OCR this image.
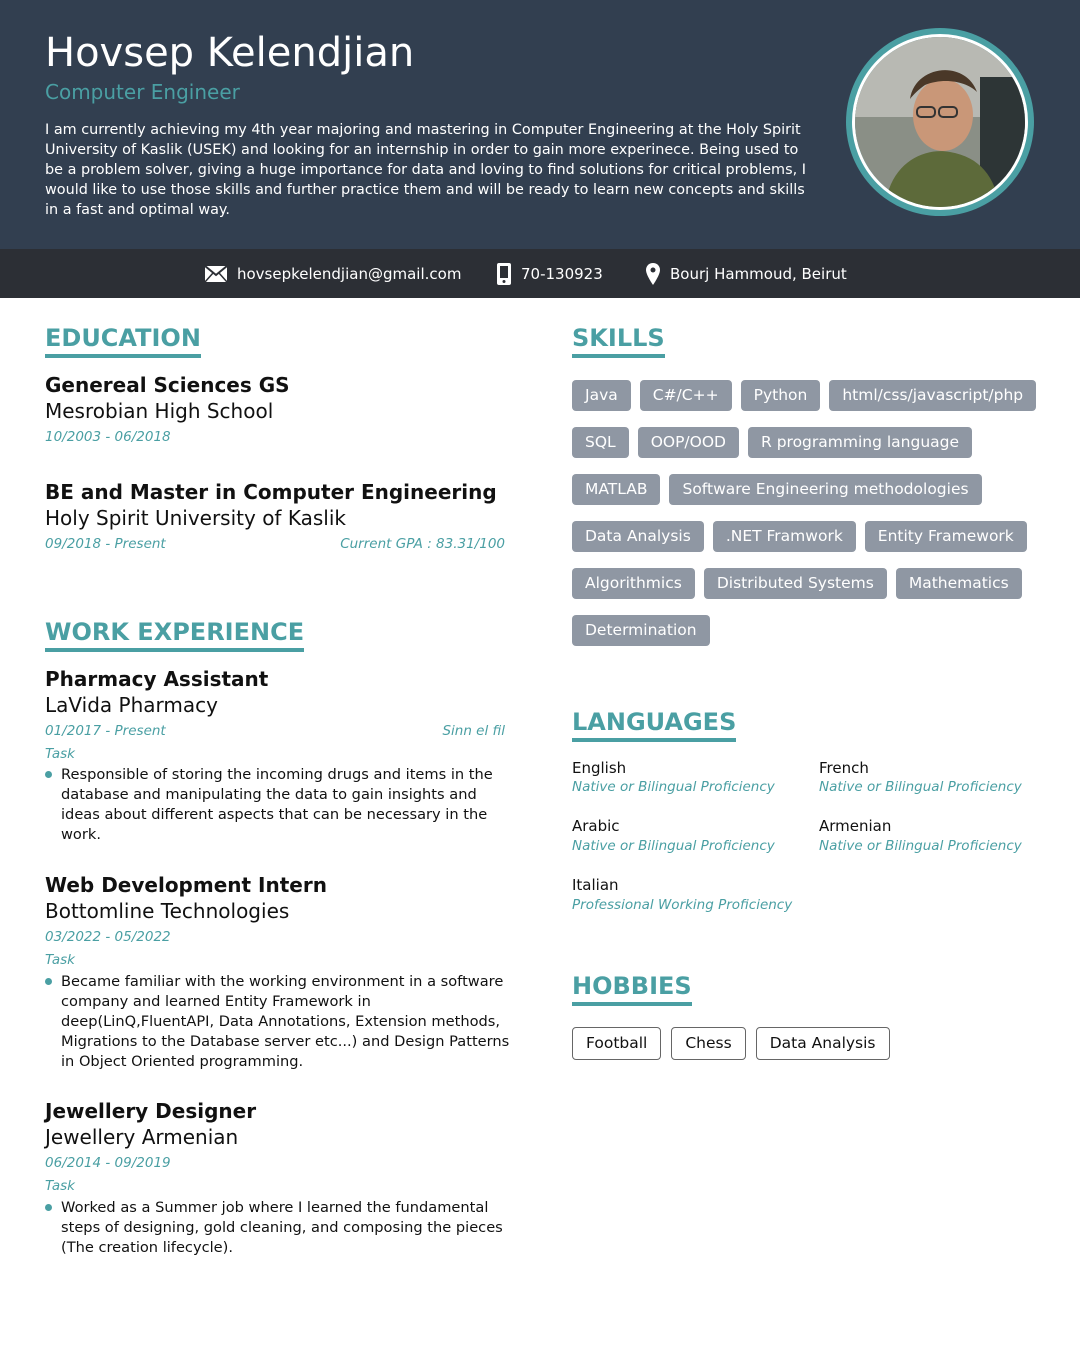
Hovsep Kelendjian
Computer Engineer

I am currently achieving my 4th year majoring and mastering in Computer Engineering at the Holy Spirit University of Kaslik (USEK) and looking for an internship in order to gain more experinece. Being used to be a problem solver, giving a huge importance for data and loving to find solutions for critical problems, I would like to use those skills and further practice them and will be ready to learn new concepts and skills in a fast and optimal way.

hovsepkelendjian@gmail.com	70-130923	Bourj Hammoud, Beirut
EDUCATION
Genereal Sciences GS
Mesrobian High School
10/2003 - 06/2018
BE and Master in Computer Engineering
Holy Spirit University of Kaslik
09/2018 - Present	Current GPA : 83.31/100
WORK EXPERIENCE
Pharmacy Assistant
LaVida Pharmacy
01/2017 - Present	Sinn el fil
Task
Responsible of storing the incoming drugs and items in the database and manipulating the data to gain insights and ideas about different aspects that can be necessary in the work.
Web Development Intern
Bottomline Technologies
03/2022 - 05/2022
Task
Became familiar with the working environment in a software company and learned Entity Framework in deep(LinQ,FluentAPI, Data Annotations, Extension methods, Migrations to the Database server etc...) and Design Patterns in Object Oriented programming.
Jewellery Designer
Jewellery Armenian
06/2014 - 09/2019
Task
Worked as a Summer job where I learned the fundamental steps of designing, gold cleaning, and composing the pieces (The creation lifecycle).
SKILLS
Java	C#/C++	Python	html/css/javascript/php
SQL	OOP/OOD	R programming language
MATLAB	Software Engineering methodologies
Data Analysis	.NET Framwork	Entity Framework
Algorithmics	Distributed Systems	Mathematics
Determination
LANGUAGES
English
Native or Bilingual Proficiency
French
Native or Bilingual Proficiency
Arabic
Native or Bilingual Proficiency
Armenian
Native or Bilingual Proficiency
Italian
Professional Working Proficiency
HOBBIES
Football	Chess	Data Analysis
